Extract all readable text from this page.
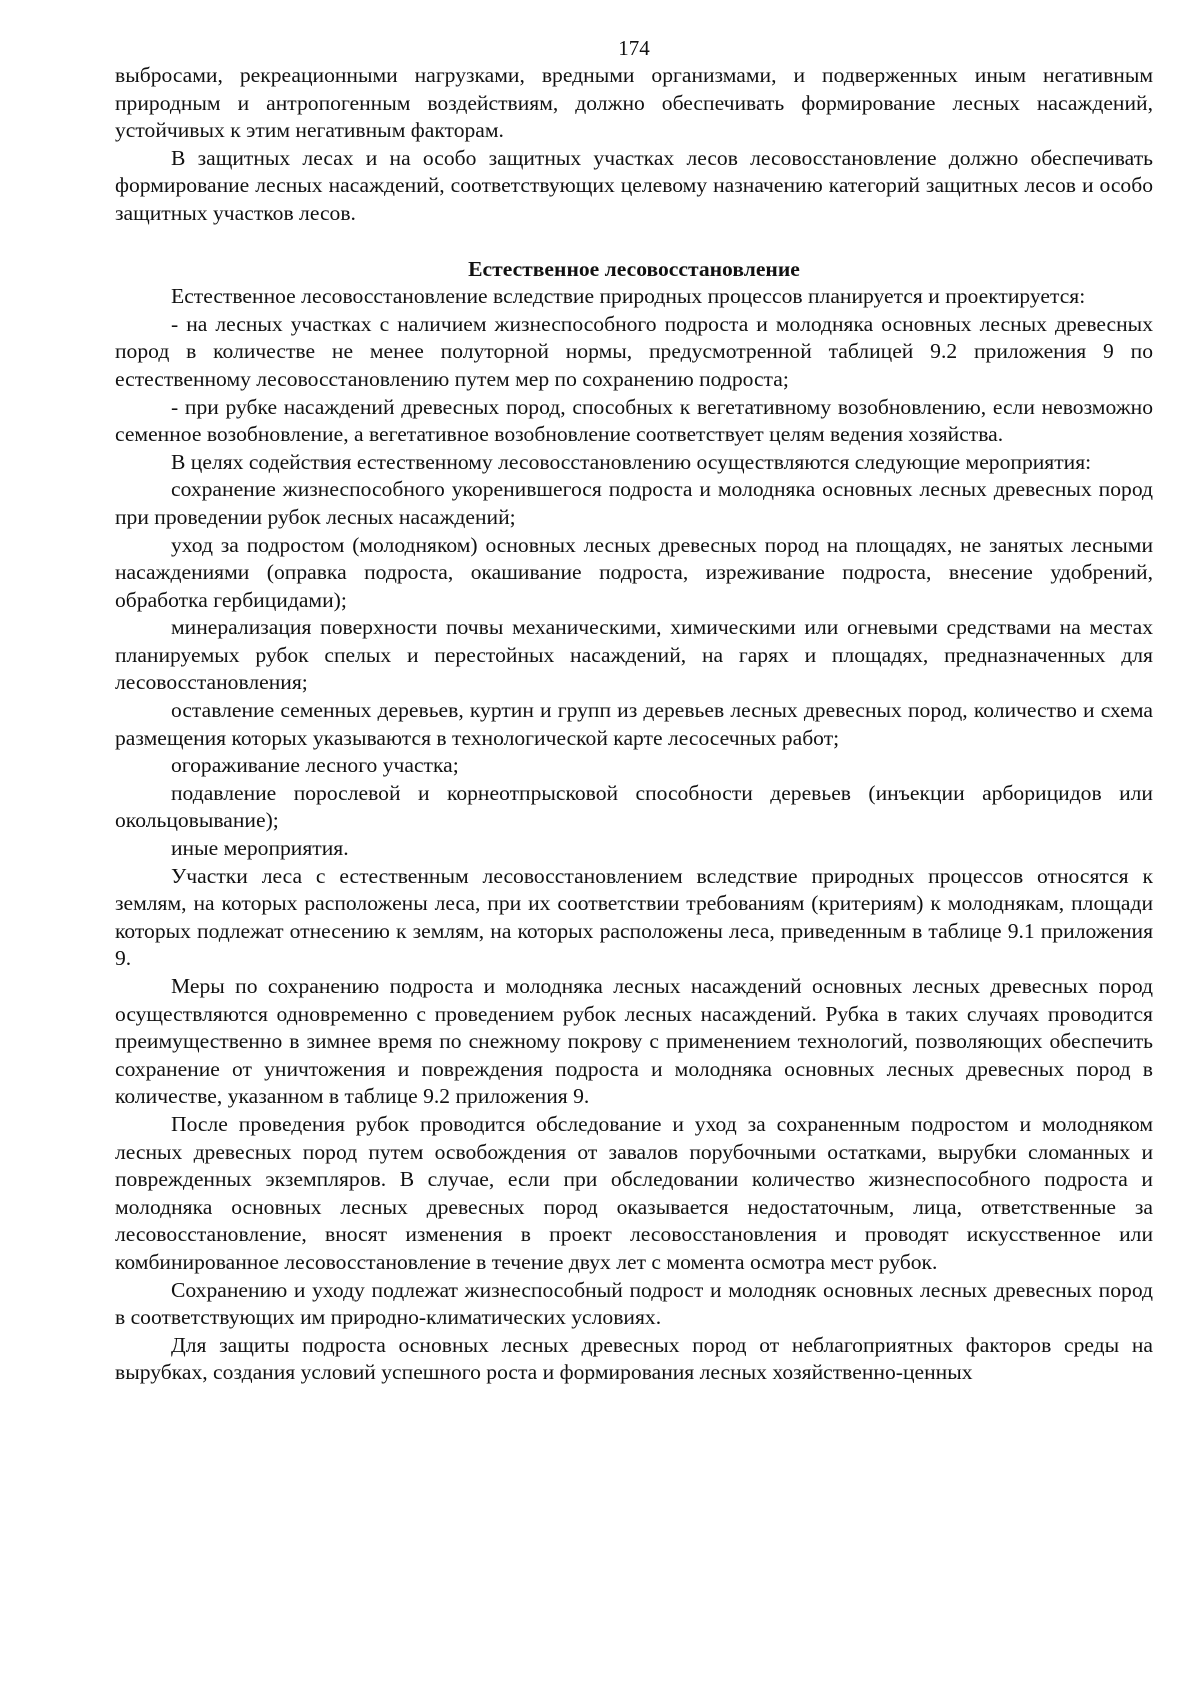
174

выбросами, рекреационными нагрузками, вредными организмами, и подверженных иным негативным природным и антропогенным воздействиям, должно обеспечивать формирование лесных насаждений, устойчивых к этим негативным факторам.

В защитных лесах и на особо защитных участках лесов лесовосстановление должно обеспечивать формирование лесных насаждений, соответствующих целевому назначению категорий защитных лесов и особо защитных участков лесов.

Естественное лесовосстановление

Естественное лесовосстановление вследствие природных процессов планируется и проектируется:

- на лесных участках с наличием жизнеспособного подроста и молодняка основных лесных древесных пород в количестве не менее полуторной нормы, предусмотренной таблицей 9.2 приложения 9 по естественному лесовосстановлению путем мер по сохранению подроста;

- при рубке насаждений древесных пород, способных к вегетативному возобновлению, если невозможно семенное возобновление, а вегетативное возобновление соответствует целям ведения хозяйства.

В целях содействия естественному лесовосстановлению осуществляются следующие мероприятия:

сохранение жизнеспособного укоренившегося подроста и молодняка основных лесных древесных пород при проведении рубок лесных насаждений;

уход за подростом (молодняком) основных лесных древесных пород на площадях, не занятых лесными насаждениями (оправка подроста, окашивание подроста, изреживание подроста, внесение удобрений, обработка гербицидами);

минерализация поверхности почвы механическими, химическими или огневыми средствами на местах планируемых рубок спелых и перестойных насаждений, на гарях и площадях, предназначенных для лесовосстановления;

оставление семенных деревьев, куртин и групп из деревьев лесных древесных пород, количество и схема размещения которых указываются в технологической карте лесосечных работ;

огораживание лесного участка;

подавление порослевой и корнеотпрысковой способности деревьев (инъекции арборицидов или окольцовывание);

иные мероприятия.

Участки леса с естественным лесовосстановлением вследствие природных процессов относятся к землям, на которых расположены леса, при их соответствии требованиям (критериям) к молоднякам, площади которых подлежат отнесению к землям, на которых расположены леса, приведенным в таблице 9.1 приложения 9.

Меры по сохранению подроста и молодняка лесных насаждений основных лесных древесных пород осуществляются одновременно с проведением рубок лесных насаждений. Рубка в таких случаях проводится преимущественно в зимнее время по снежному покрову с применением технологий, позволяющих обеспечить сохранение от уничтожения и повреждения подроста и молодняка основных лесных древесных пород в количестве, указанном в таблице 9.2 приложения 9.

После проведения рубок проводится обследование и уход за сохраненным подростом и молодняком лесных древесных пород путем освобождения от завалов порубочными остатками, вырубки сломанных и поврежденных экземпляров. В случае, если при обследовании количество жизнеспособного подроста и молодняка основных лесных древесных пород оказывается недостаточным, лица, ответственные за лесовосстановление, вносят изменения в проект лесовосстановления и проводят искусственное или комбинированное лесовосстановление в течение двух лет с момента осмотра мест рубок.

Сохранению и уходу подлежат жизнеспособный подрост и молодняк основных лесных древесных пород в соответствующих им природно-климатических условиях.

Для защиты подроста основных лесных древесных пород от неблагоприятных факторов среды на вырубках, создания условий успешного роста и формирования лесных хозяйственно-ценных
